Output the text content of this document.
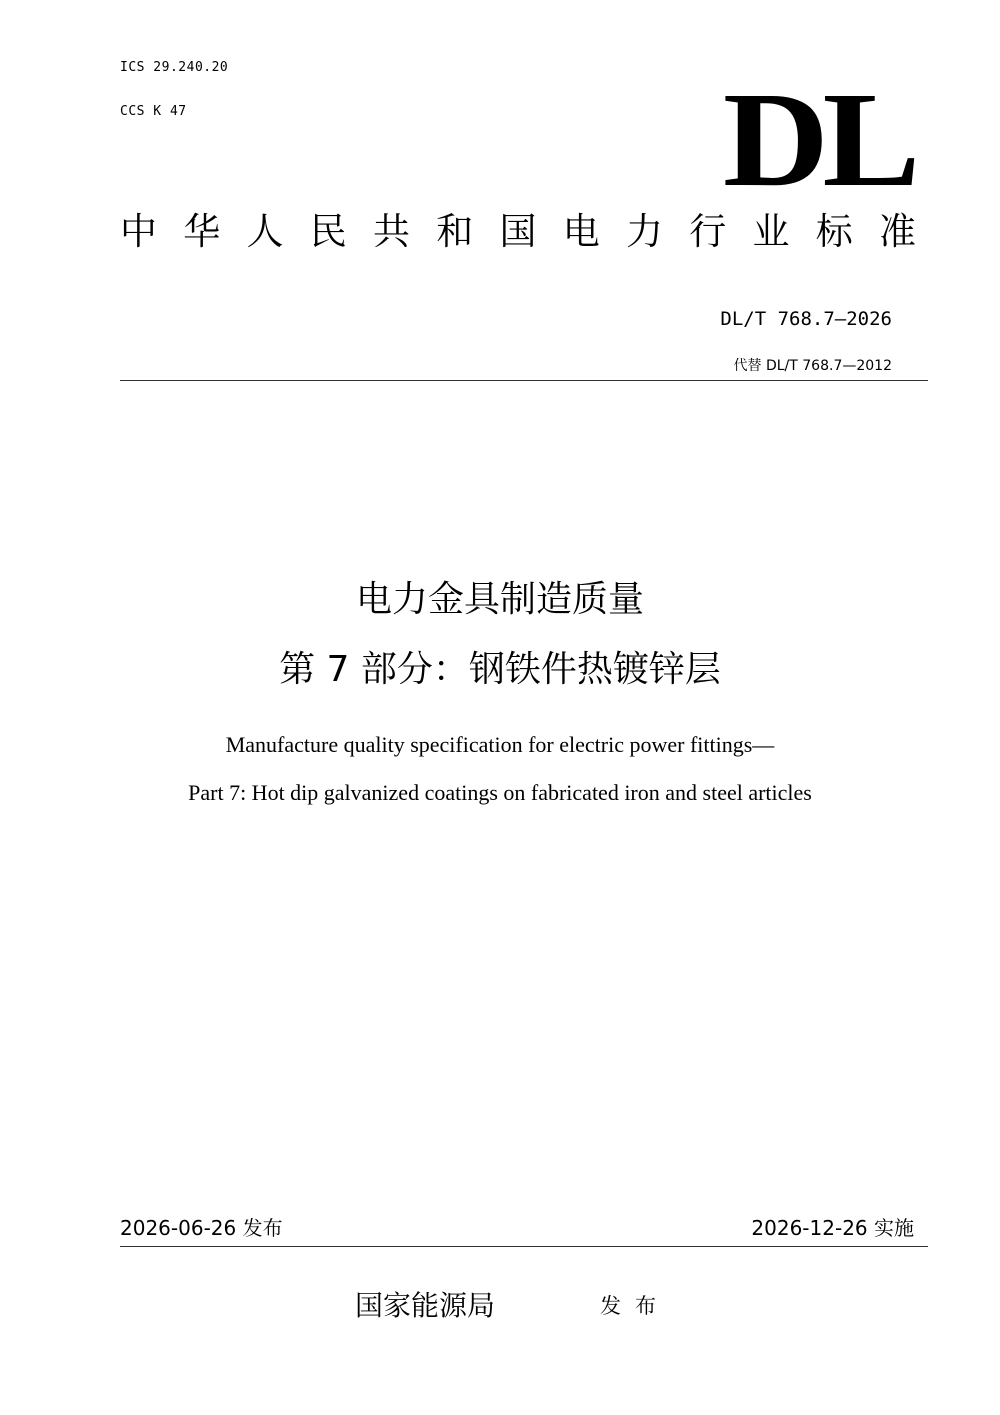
ICS 29.240.20
CCS K 47	DL
中 华 人 民 共 和 国 电 力 行 业 标 准
DL/T 768.7—2026
代替 DL/T 768.7—2012
电力金具制造质量
第 7 部分：钢铁件热镀锌层
Manufacture quality specification for electric power fittings—
Part 7: Hot dip galvanized coatings on fabricated iron and steel articles
2026-06-26 发布	2026-12-26 实施
国家能源局	发布
